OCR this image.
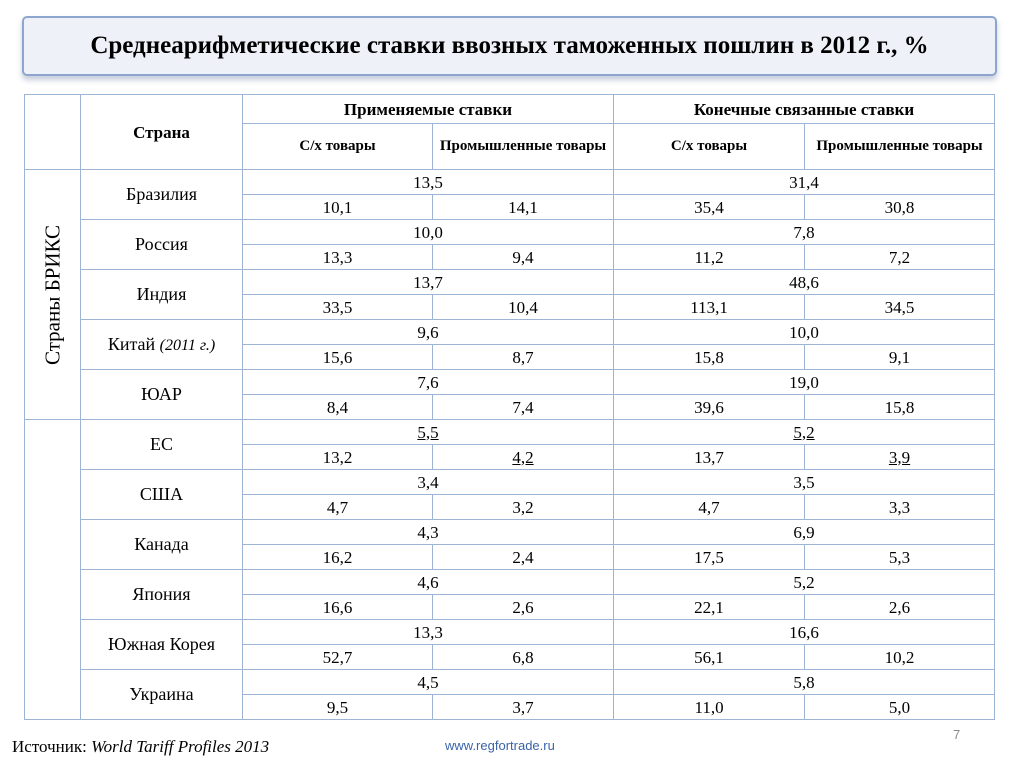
Среднеарифметические ставки ввозных таможенных пошлин в 2012 г., %
	Страна	Применяемые ставки		Конечные связанные ставки	
		С/х товары	Промышленные товары	С/х товары	Промышленные товары

Страны БРИКС	Бразилия	13,5		31,4	
		10,1	14,1	35,4	30,8
	Россия	10,0		7,8	
		13,3	9,4	11,2	7,2
	Индия	13,7		48,6	
		33,5	10,4	113,1	34,5
	Китай (2011 г.)	9,6		10,0	
		15,6	8,7	15,8	9,1
	ЮАР	7,6		19,0	
		8,4	7,4	39,6	15,8
	ЕС	5,5		5,2	
		13,2	4,2	13,7	3,9
	США	3,4		3,5	
		4,7	3,2	4,7	3,3
	Канада	4,3		6,9	
		16,2	2,4	17,5	5,3
	Япония	4,6		5,2	
		16,6	2,6	22,1	2,6
	Южная Корея	13,3		16,6	
		52,7	6,8	56,1	10,2
	Украина	4,5		5,8	
		9,5	3,7	11,0	5,0
Источник: World Tariff Profiles 2013	www.regfortrade.ru
7
